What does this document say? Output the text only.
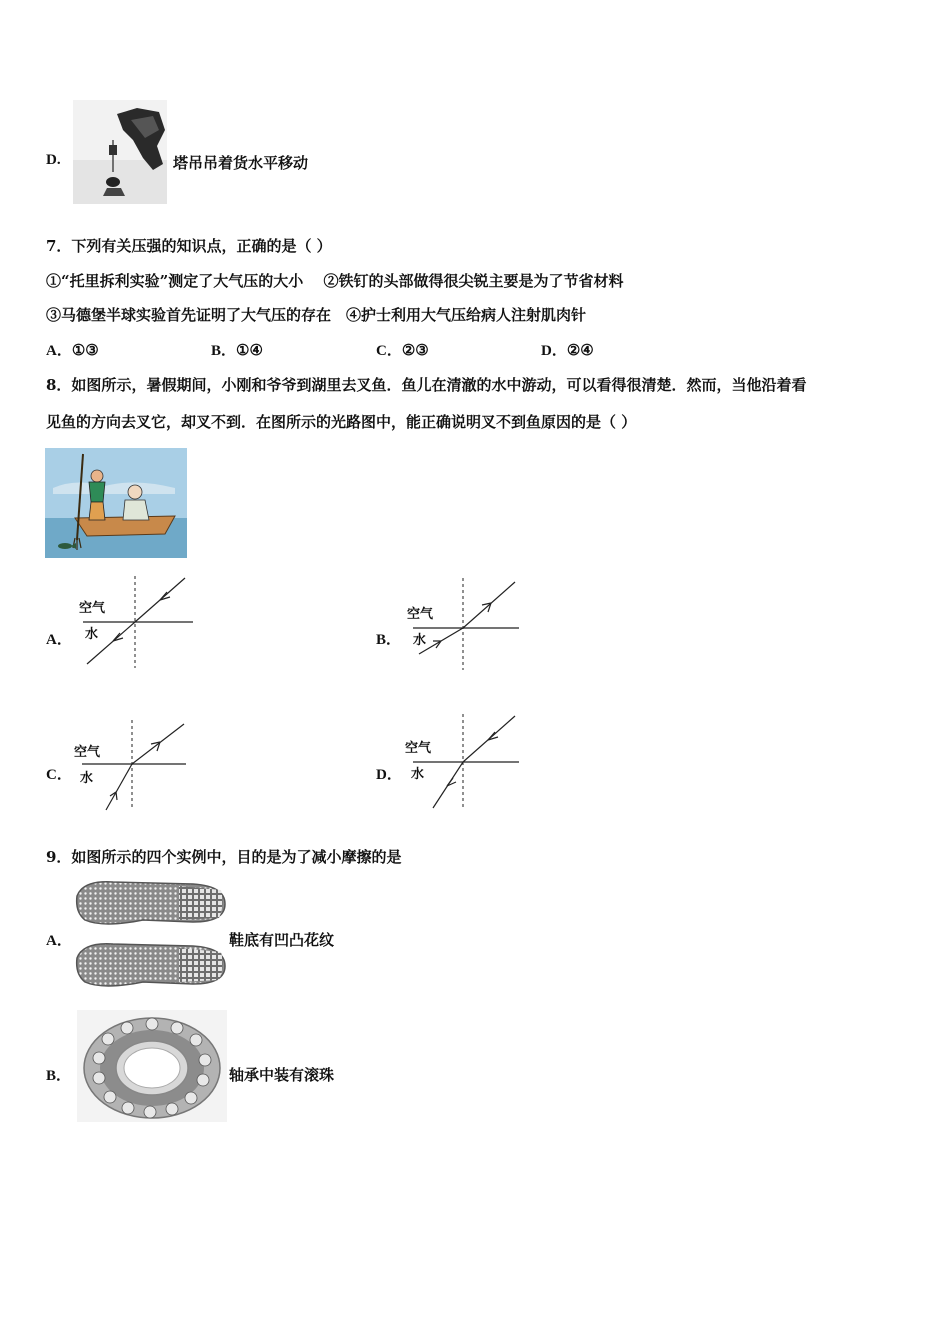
D.	塔吊吊着货水平移动
7．下列有关压强的知识点，正确的是（ ）
①“托里拆利实验”测定了大气压的大小　 ②铁钉的头部做得很尖锐主要是为了节省材料
③马德堡半球实验首先证明了大气压的存在　④护士利用大气压给病人注射肌肉针
A．①③	B．①④	C．②③	D．②④
8．如图所示，暑假期间，小刚和爷爷到湖里去叉鱼．鱼儿在清澈的水中游动，可以看得很清楚．然而，当他沿着看
见鱼的方向去叉它，却叉不到．在图所示的光路图中，能正确说明叉不到鱼原因的是（ ）
A．
空气
水	B．
空气
水
C．
空气
水	D．
空气
水
9．如图所示的四个实例中，目的是为了减小摩擦的是
A．	鞋底有凹凸花纹
B．	轴承中装有滚珠
